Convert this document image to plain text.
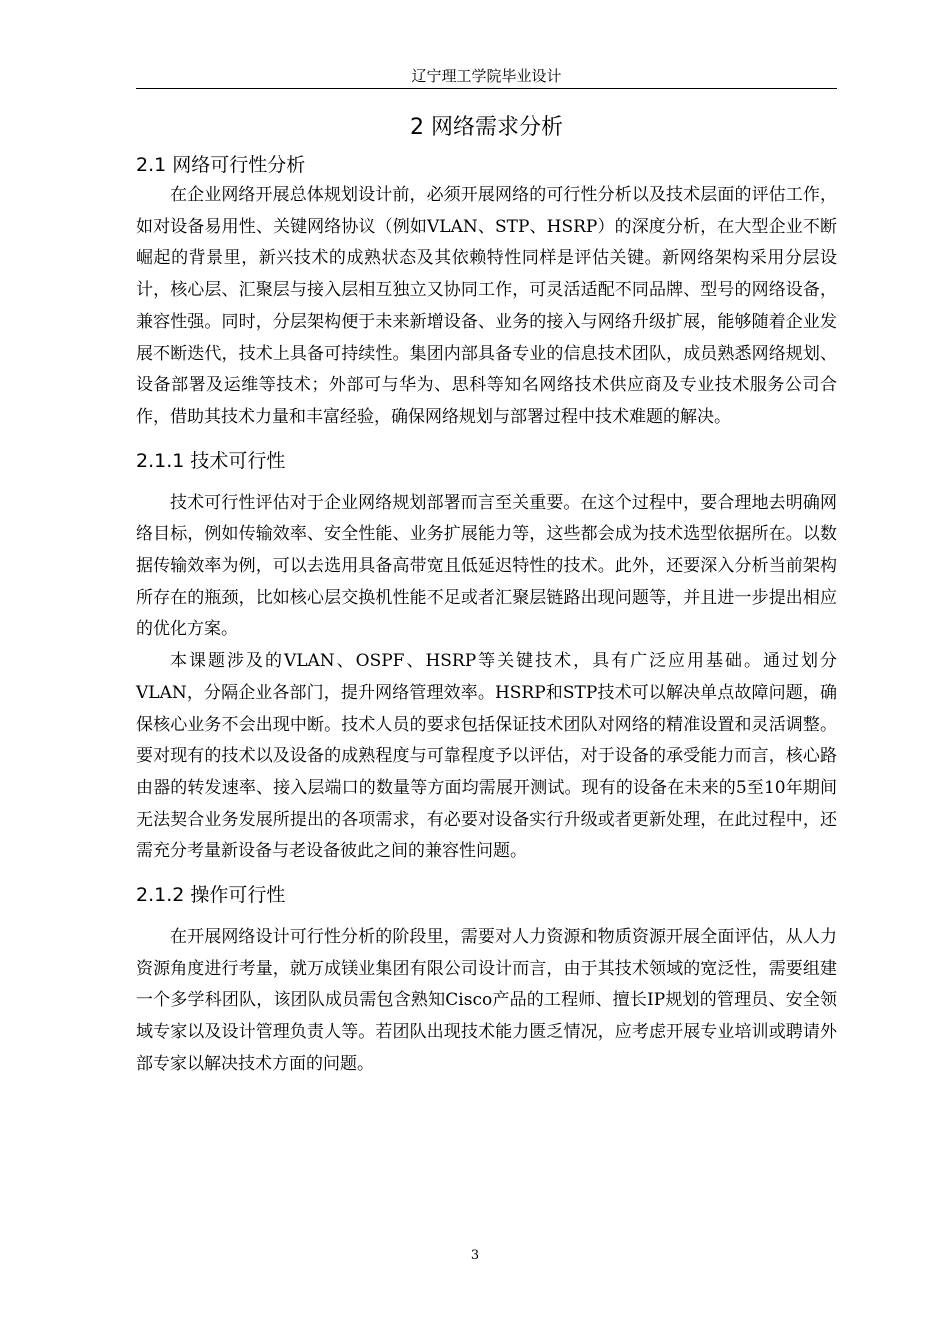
辽宁理工学院毕业设计
2 网络需求分析
2.1 网络可行性分析

在企业网络开展总体规划设计前，必须开展网络的可行性分析以及技术层面的评估工作，如对设备易用性、关键网络协议（例如VLAN、STP、HSRP）的深度分析，在大型企业不断崛起的背景里，新兴技术的成熟状态及其依赖特性同样是评估关键。新网络架构采用分层设计，核心层、汇聚层与接入层相互独立又协同工作，可灵活适配不同品牌、型号的网络设备，兼容性强。同时，分层架构便于未来新增设备、业务的接入与网络升级扩展，能够随着企业发展不断迭代，技术上具备可持续性。集团内部具备专业的信息技术团队，成员熟悉网络规划、设备部署及运维等技术；外部可与华为、思科等知名网络技术供应商及专业技术服务公司合作，借助其技术力量和丰富经验，确保网络规划与部署过程中技术难题的解决。

2.1.1 技术可行性

技术可行性评估对于企业网络规划部署而言至关重要。在这个过程中，要合理地去明确网络目标，例如传输效率、安全性能、业务扩展能力等，这些都会成为技术选型依据所在。以数据传输效率为例，可以去选用具备高带宽且低延迟特性的技术。此外，还要深入分析当前架构所存在的瓶颈，比如核心层交换机性能不足或者汇聚层链路出现问题等，并且进一步提出相应的优化方案。

本课题涉及的VLAN、OSPF、HSRP等关键技术，具有广泛应用基础。通过划分VLAN，分隔企业各部门，提升网络管理效率。HSRP和STP技术可以解决单点故障问题，确保核心业务不会出现中断。技术人员的要求包括保证技术团队对网络的精准设置和灵活调整。要对现有的技术以及设备的成熟程度与可靠程度予以评估，对于设备的承受能力而言，核心路由器的转发速率、接入层端口的数量等方面均需展开测试。现有的设备在未来的5至10年期间无法契合业务发展所提出的各项需求，有必要对设备实行升级或者更新处理，在此过程中，还需充分考量新设备与老设备彼此之间的兼容性问题。

2.1.2 操作可行性

在开展网络设计可行性分析的阶段里，需要对人力资源和物质资源开展全面评估，从人力资源角度进行考量，就万成镁业集团有限公司设计而言，由于其技术领域的宽泛性，需要组建一个多学科团队，该团队成员需包含熟知Cisco产品的工程师、擅长IP规划的管理员、安全领域专家以及设计管理负责人等。若团队出现技术能力匮乏情况，应考虑开展专业培训或聘请外部专家以解决技术方面的问题。

3
